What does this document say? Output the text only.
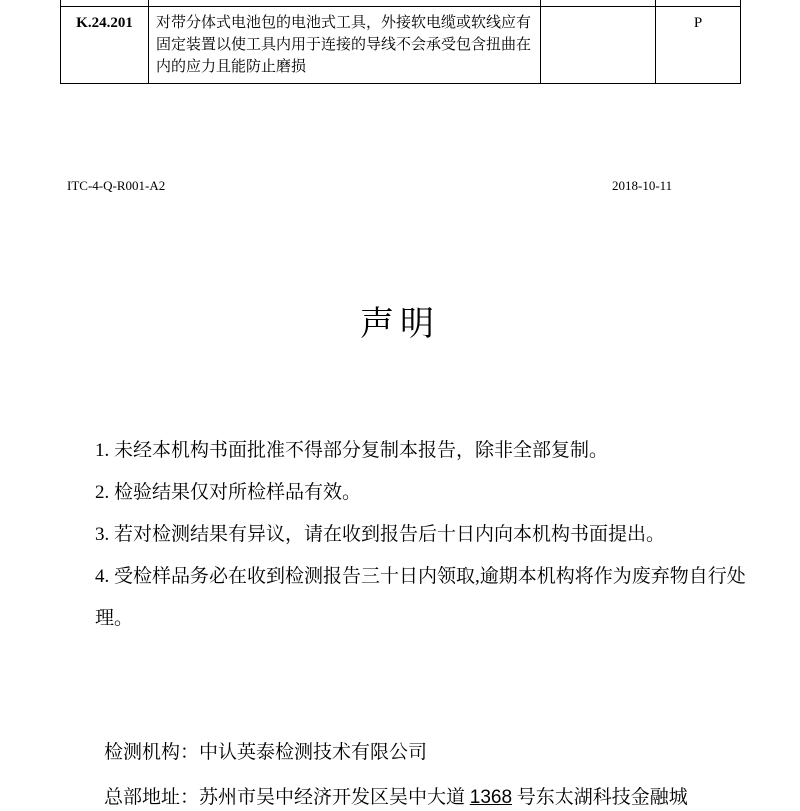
K.24.201	对带分体式电池包的电池式工具，外接软电缆或软线应有固定装置以使工具内用于连接的导线不会承受包含扭曲在内的应力且能防止磨损		P
ITC-4-Q-R001-A2	2018-10-11
声明
1. 未经本机构书面批准不得部分复制本报告，除非全部复制。
2. 检验结果仅对所检样品有效。
3. 若对检测结果有异议，请在收到报告后十日内向本机构书面提出。
4. 受检样品务必在收到检测报告三十日内领取,逾期本机构将作为废弃物自行处理。
检测机构：中认英泰检测技术有限公司
总部地址：苏州市吴中经济开发区吴中大道 1368 号东太湖科技金融城
